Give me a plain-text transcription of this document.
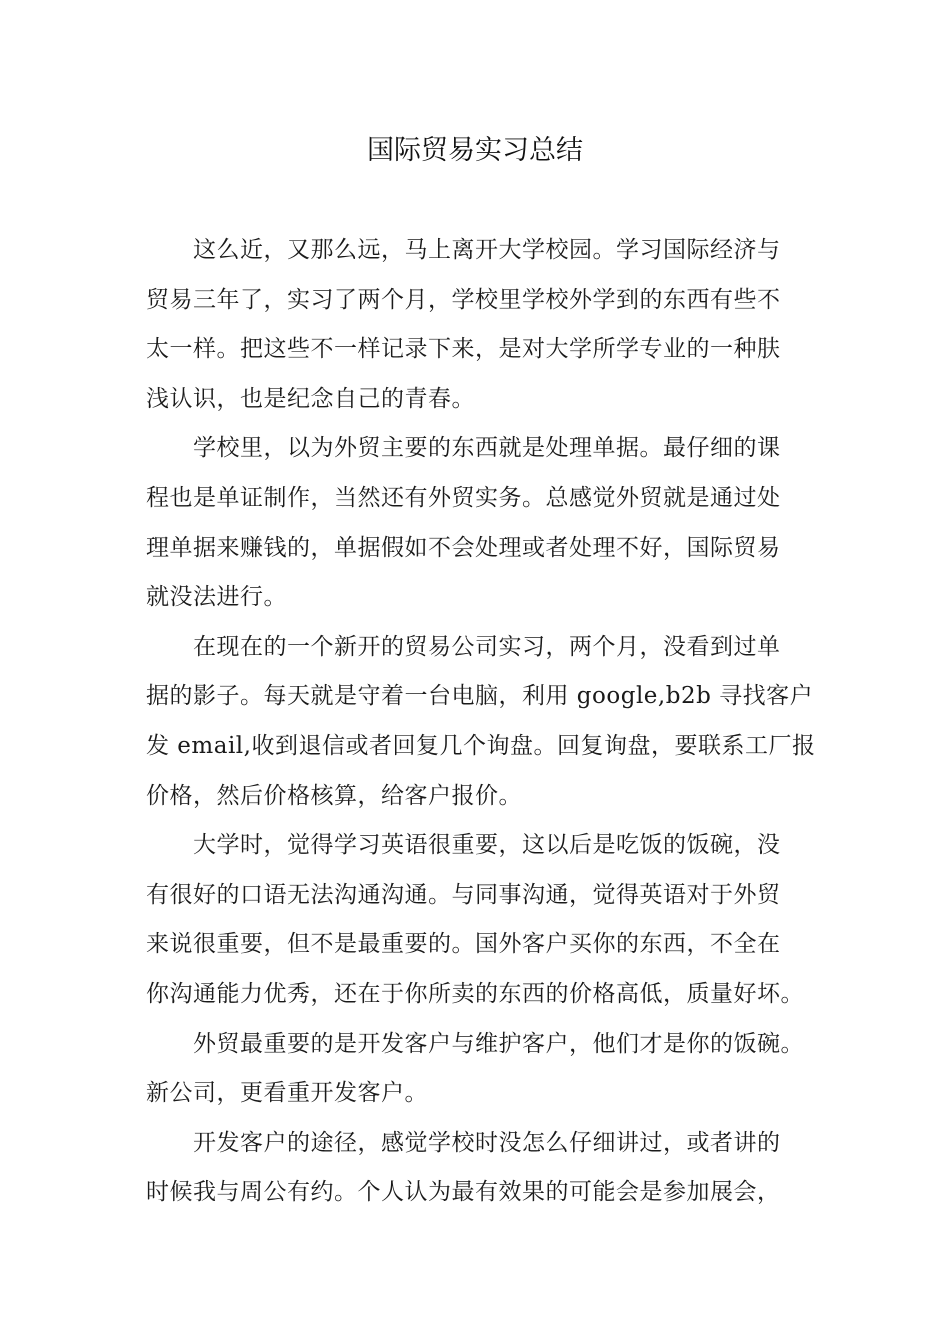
国际贸易实习总结
这么近，又那么远，马上离开大学校园。学习国际经济与
贸易三年了，实习了两个月，学校里学校外学到的东西有些不
太一样。把这些不一样记录下来，是对大学所学专业的一种肤
浅认识，也是纪念自己的青春。
学校里，以为外贸主要的东西就是处理单据。最仔细的课
程也是单证制作，当然还有外贸实务。总感觉外贸就是通过处
理单据来赚钱的，单据假如不会处理或者处理不好，国际贸易
就没法进行。
在现在的一个新开的贸易公司实习，两个月，没看到过单
据的影子。每天就是守着一台电脑，利用 google,b2b 寻找客户
发 email,收到退信或者回复几个询盘。回复询盘，要联系工厂报
价格，然后价格核算，给客户报价。
大学时，觉得学习英语很重要，这以后是吃饭的饭碗，没
有很好的口语无法沟通沟通。与同事沟通，觉得英语对于外贸
来说很重要，但不是最重要的。国外客户买你的东西，不全在
你沟通能力优秀，还在于你所卖的东西的价格高低，质量好坏。
外贸最重要的是开发客户与维护客户，他们才是你的饭碗。
新公司，更看重开发客户。
开发客户的途径，感觉学校时没怎么仔细讲过，或者讲的
时候我与周公有约。个人认为最有效果的可能会是参加展会，
